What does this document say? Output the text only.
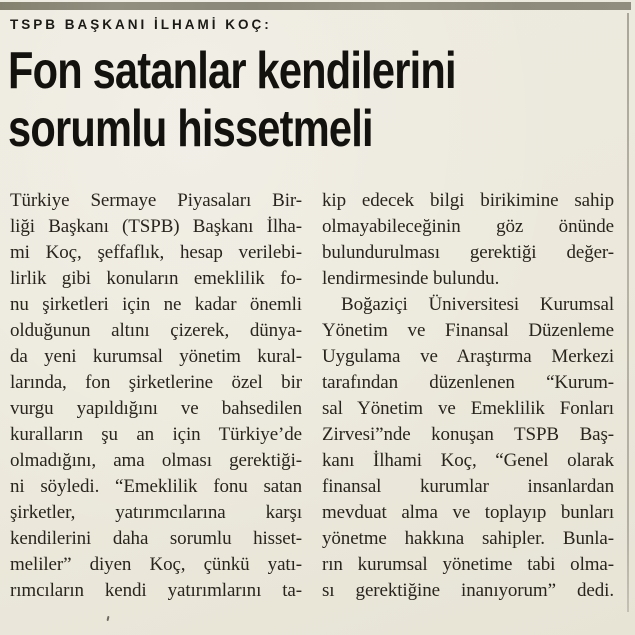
TSPB BAŞKANI İLHAMİ KOÇ:
Fon satanlar kendilerini
sorumlu hissetmeli
Türkiye Sermaye Piyasaları Bir-
liği Başkanı (TSPB) Başkanı İlha-
mi Koç, şeffaflık, hesap verilebi-
lirlik gibi konuların emeklilik fo-
nu şirketleri için ne kadar önemli
olduğunun altını çizerek, dünya-
da yeni kurumsal yönetim kural-
larında, fon şirketlerine özel bir
vurgu yapıldığını ve bahsedilen
kuralların şu an için Türkiye’de
olmadığını, ama olması gerektiği-
ni söyledi. “Emeklilik fonu satan
şirketler, yatırımcılarına karşı
kendilerini daha sorumlu hisset-
meliler” diyen Koç, çünkü yatı-
rımcıların kendi yatırımlarını ta-
kip edecek bilgi birikimine sahip
olmayabileceğinin göz önünde
bulundurulması gerektiği değer-
lendirmesinde bulundu.
Boğaziçi Üniversitesi Kurumsal
Yönetim ve Finansal Düzenleme
Uygulama ve Araştırma Merkezi
tarafından düzenlenen “Kurum-
sal Yönetim ve Emeklilik Fonları
Zirvesi”nde konuşan TSPB Baş-
kanı İlhami Koç, “Genel olarak
finansal kurumlar insanlardan
mevduat alma ve toplayıp bunları
yönetme hakkına sahipler. Bunla-
rın kurumsal yönetime tabi olma-
sı gerektiğine inanıyorum” dedi.
